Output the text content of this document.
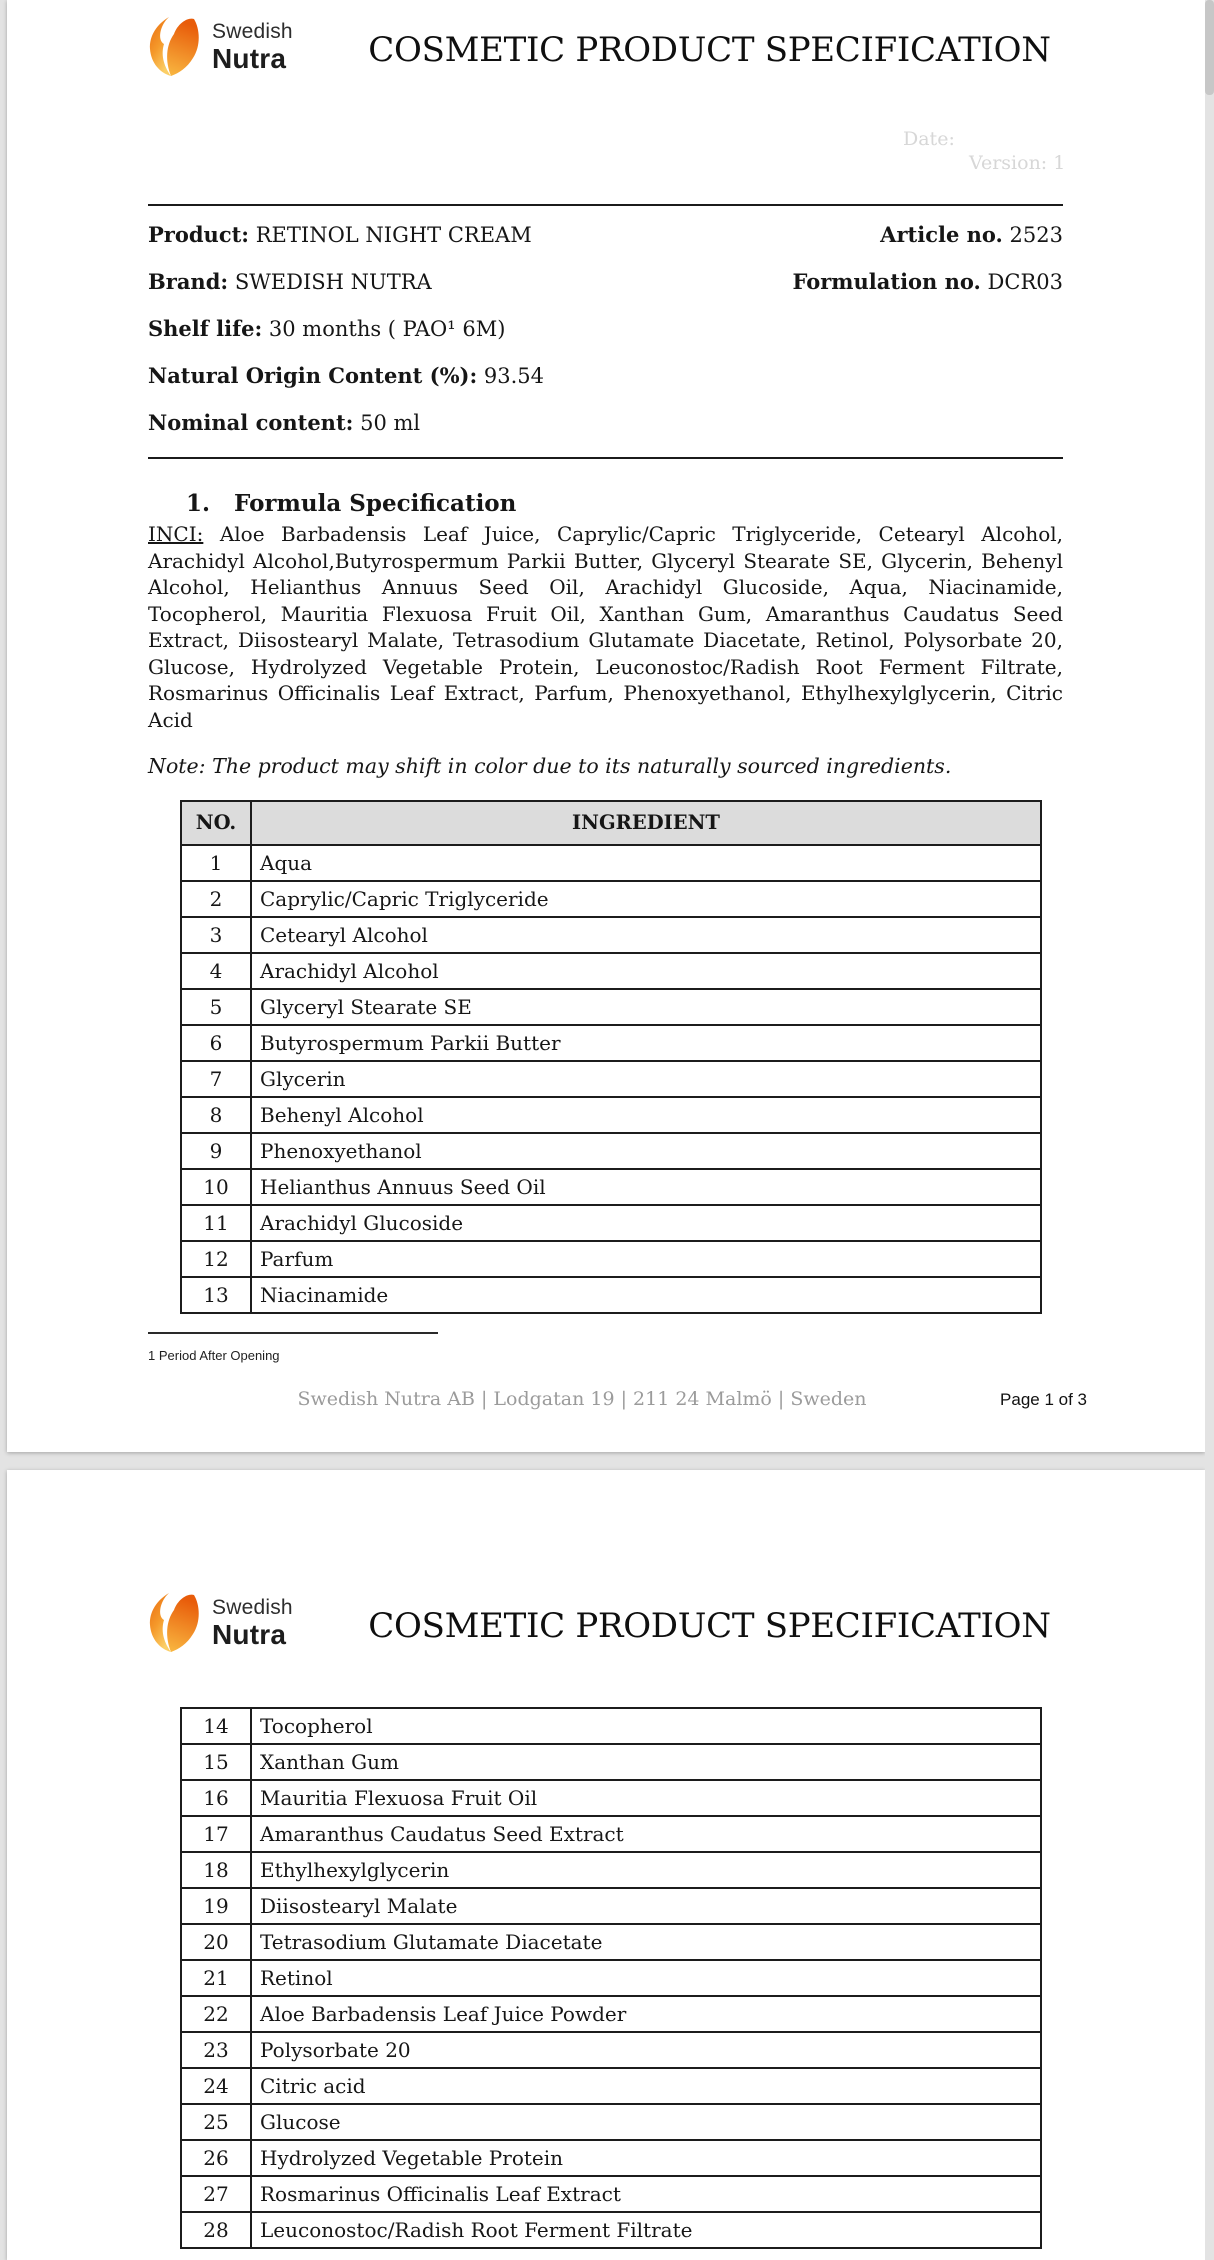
Swedish
Nutra	COSMETIC PRODUCT SPECIFICATION
Date:
Version: 1
Product: RETINOL NIGHT CREAM	Article no. 2523
Brand: SWEDISH NUTRA	Formulation no. DCR03
Shelf life: 30 months ( PAO¹ 6M)
Natural Origin Content (%): 93.54
Nominal content: 50 ml
1. Formula Specification

INCI: Aloe Barbadensis Leaf Juice, Caprylic/Capric Triglyceride, Cetearyl Alcohol, Arachidyl Alcohol,Butyrospermum Parkii Butter, Glyceryl Stearate SE, Glycerin, Behenyl Alcohol, Helianthus Annuus Seed Oil, Arachidyl Glucoside, Aqua, Niacinamide, Tocopherol, Mauritia Flexuosa Fruit Oil, Xanthan Gum, Amaranthus Caudatus Seed Extract, Diisostearyl Malate, Tetrasodium Glutamate Diacetate, Retinol, Polysorbate 20, Glucose, Hydrolyzed Vegetable Protein, Leuconostoc/Radish Root Ferment Filtrate, Rosmarinus Officinalis Leaf Extract, Parfum, Phenoxyethanol, Ethylhexylglycerin, Citric Acid

Note: The product may shift in color due to its naturally sourced ingredients.

NO.	INGREDIENT
1	Aqua
2	Caprylic/Capric Triglyceride
3	Cetearyl Alcohol
4	Arachidyl Alcohol
5	Glyceryl Stearate SE
6	Butyrospermum Parkii Butter
7	Glycerin
8	Behenyl Alcohol
9	Phenoxyethanol
10	Helianthus Annuus Seed Oil
11	Arachidyl Glucoside
12	Parfum
13	Niacinamide
1 Period After Opening
Swedish Nutra AB | Lodgatan 19 | 211 24 Malmö | Sweden	Page 1 of 3
Swedish
Nutra	COSMETIC PRODUCT SPECIFICATION
14	Tocopherol
15	Xanthan Gum
16	Mauritia Flexuosa Fruit Oil
17	Amaranthus Caudatus Seed Extract
18	Ethylhexylglycerin
19	Diisostearyl Malate
20	Tetrasodium Glutamate Diacetate
21	Retinol
22	Aloe Barbadensis Leaf Juice Powder
23	Polysorbate 20
24	Citric acid
25	Glucose
26	Hydrolyzed Vegetable Protein
27	Rosmarinus Officinalis Leaf Extract
28	Leuconostoc/Radish Root Ferment Filtrate
